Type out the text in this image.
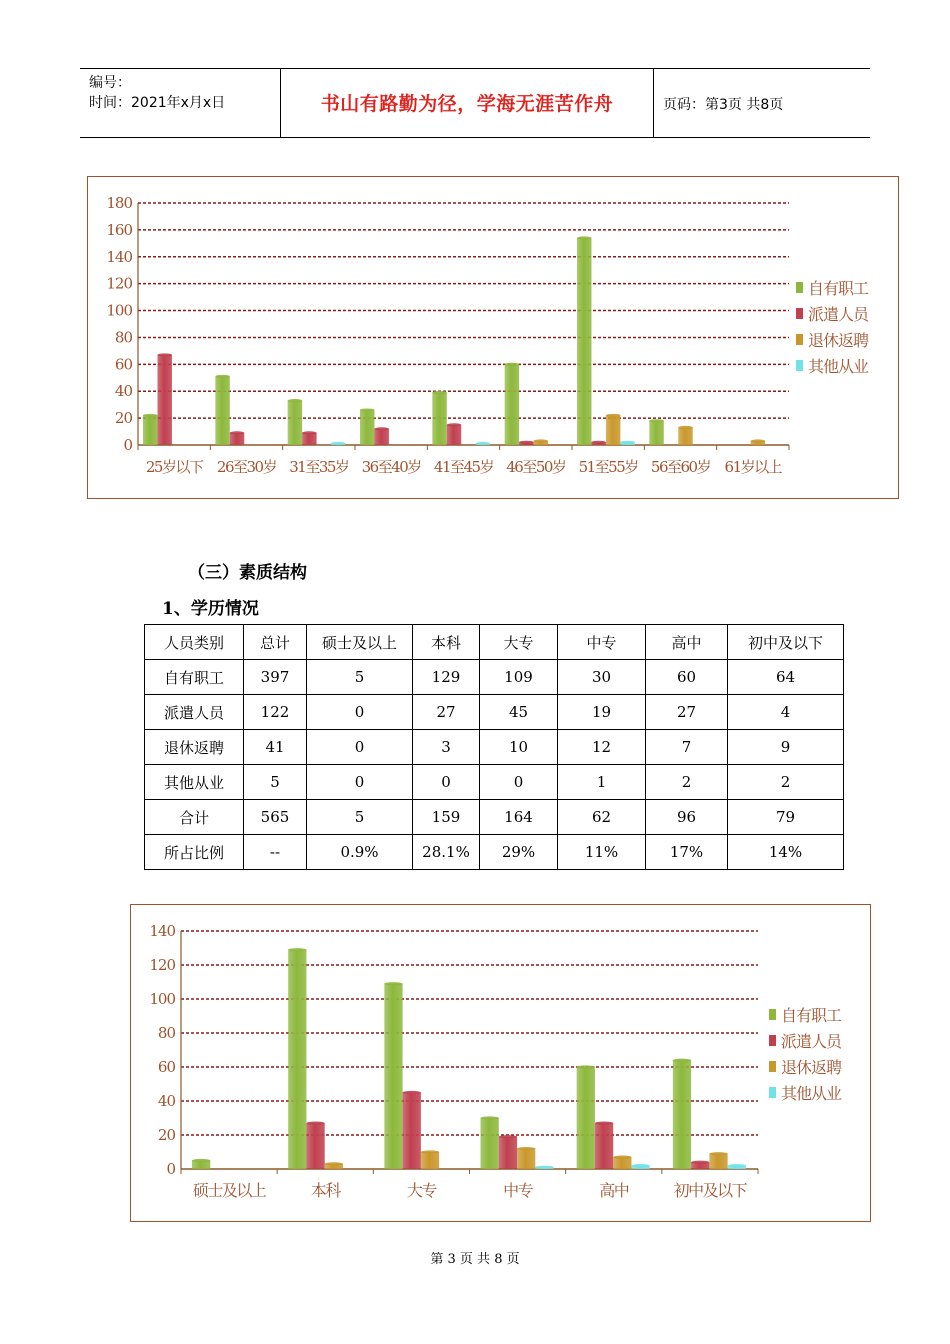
编号：
时间：2021年x月x日	书山有路勤为径，学海无涯苦作舟	页码：第3页 共8页
0
20
40
60
80
100
120
140
160
180
25岁以下 26至30岁 31至35岁 36至40岁 41至45岁 46至50岁 51至55岁 56至60岁 61岁以上
自有职工
派遣人员
退休返聘
其他从业
（三）素质结构
1、学历情况
人员类别	总计	硕士及以上	本科	大专	中专	高中	初中及以下
自有职工	397	5	129	109	30	60	64
派遣人员	122	0	27	45	19	27	4
退休返聘	41	0	3	10	12	7	9
其他从业	5	0	0	0	1	2	2
合计	565	5	159	164	62	96	79
所占比例	--	0.9%	28.1%	29%	11%	17%	14%
0
20
40
60
80
100
120
140
硕士及以上	本科	大专	中专	高中	初中及以下
自有职工
派遣人员
退休返聘
其他从业
第 3 页 共 8 页
